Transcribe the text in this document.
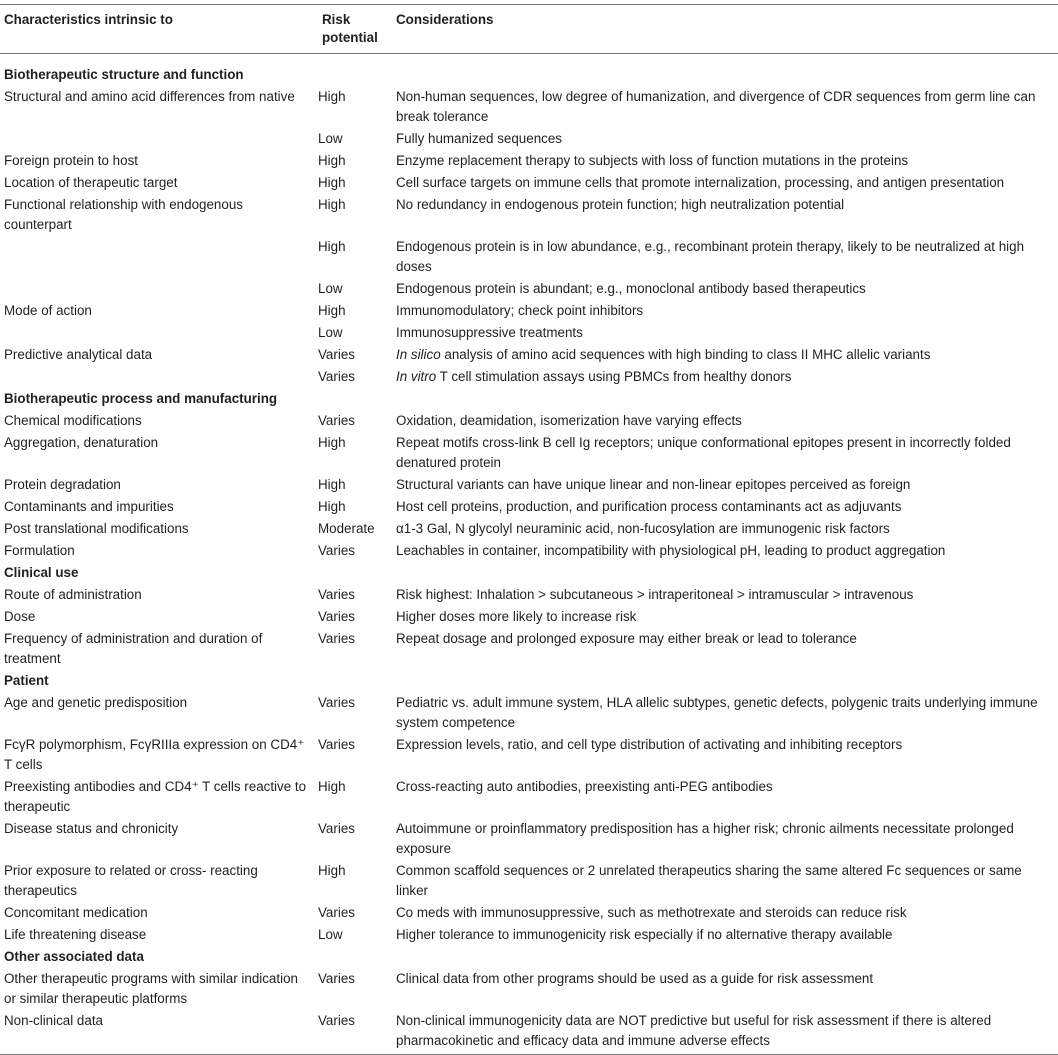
Characteristics intrinsic to	Risk potential	Considerations
Biotherapeutic structure and function		
Structural and amino acid differences from native	High	Non-human sequences, low degree of humanization, and divergence of CDR sequences from germ line can break tolerance
	Low	Fully humanized sequences
Foreign protein to host	High	Enzyme replacement therapy to subjects with loss of function mutations in the proteins
Location of therapeutic target	High	Cell surface targets on immune cells that promote internalization, processing, and antigen presentation
Functional relationship with endogenous counterpart	High	No redundancy in endogenous protein function; high neutralization potential
	High	Endogenous protein is in low abundance, e.g., recombinant protein therapy, likely to be neutralized at high doses
	Low	Endogenous protein is abundant; e.g., monoclonal antibody based therapeutics
Mode of action	High	Immunomodulatory; check point inhibitors
	Low	Immunosuppressive treatments
Predictive analytical data	Varies	In silico analysis of amino acid sequences with high binding to class II MHC allelic variants
	Varies	In vitro T cell stimulation assays using PBMCs from healthy donors
Biotherapeutic process and manufacturing		
Chemical modifications	Varies	Oxidation, deamidation, isomerization have varying effects
Aggregation, denaturation	High	Repeat motifs cross-link B cell Ig receptors; unique conformational epitopes present in incorrectly folded denatured protein
Protein degradation	High	Structural variants can have unique linear and non-linear epitopes perceived as foreign
Contaminants and impurities	High	Host cell proteins, production, and purification process contaminants act as adjuvants
Post translational modifications	Moderate	α1-3 Gal, N glycolyl neuraminic acid, non-fucosylation are immunogenic risk factors
Formulation	Varies	Leachables in container, incompatibility with physiological pH, leading to product aggregation
Clinical use		
Route of administration	Varies	Risk highest: Inhalation > subcutaneous > intraperitoneal > intramuscular > intravenous
Dose	Varies	Higher doses more likely to increase risk
Frequency of administration and duration of treatment	Varies	Repeat dosage and prolonged exposure may either break or lead to tolerance
Patient		
Age and genetic predisposition	Varies	Pediatric vs. adult immune system, HLA allelic subtypes, genetic defects, polygenic traits underlying immune system competence
FcγR polymorphism, FcγRIIIa expression on CD4⁺ T cells	Varies	Expression levels, ratio, and cell type distribution of activating and inhibiting receptors
Preexisting antibodies and CD4⁺ T cells reactive to therapeutic	High	Cross-reacting auto antibodies, preexisting anti-PEG antibodies
Disease status and chronicity	Varies	Autoimmune or proinflammatory predisposition has a higher risk; chronic ailments necessitate prolonged exposure
Prior exposure to related or cross- reacting therapeutics	High	Common scaffold sequences or 2 unrelated therapeutics sharing the same altered Fc sequences or same linker
Concomitant medication	Varies	Co meds with immunosuppressive, such as methotrexate and steroids can reduce risk
Life threatening disease	Low	Higher tolerance to immunogenicity risk especially if no alternative therapy available
Other associated data		
Other therapeutic programs with similar indication or similar therapeutic platforms	Varies	Clinical data from other programs should be used as a guide for risk assessment
Non-clinical data	Varies	Non-clinical immunogenicity data are NOT predictive but useful for risk assessment if there is altered pharmacokinetic and efficacy data and immune adverse effects
